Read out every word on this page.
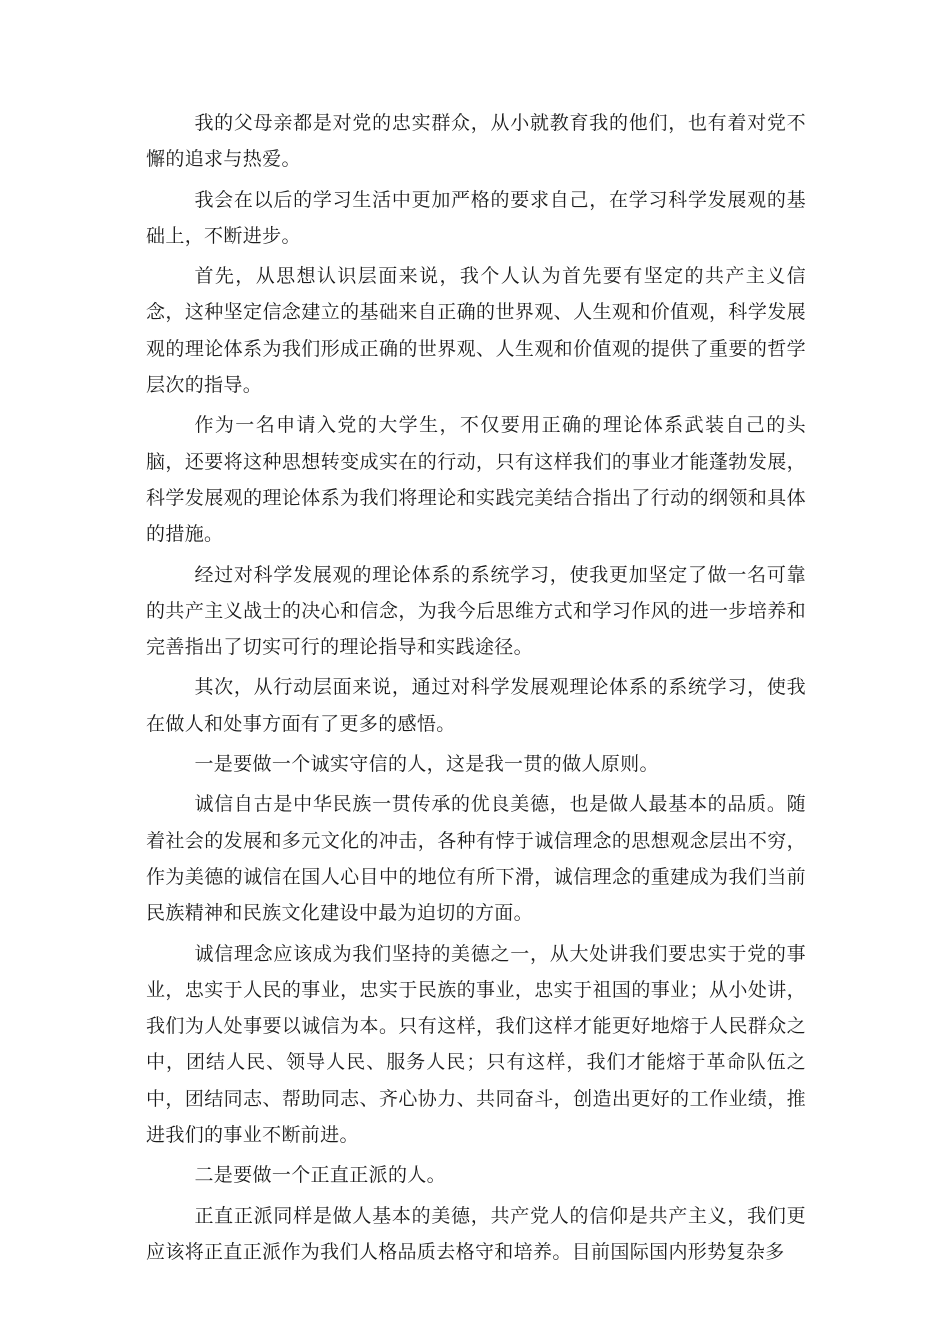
我的父母亲都是对党的忠实群众，从小就教育我的他们，也有着对党不懈的追求与热爱。

我会在以后的学习生活中更加严格的要求自己，在学习科学发展观的基础上，不断进步。

首先，从思想认识层面来说，我个人认为首先要有坚定的共产主义信念，这种坚定信念建立的基础来自正确的世界观、人生观和价值观，科学发展观的理论体系为我们形成正确的世界观、人生观和价值观的提供了重要的哲学层次的指导。

作为一名申请入党的大学生，不仅要用正确的理论体系武装自己的头脑，还要将这种思想转变成实在的行动，只有这样我们的事业才能蓬勃发展，科学发展观的理论体系为我们将理论和实践完美结合指出了行动的纲领和具体的措施。

经过对科学发展观的理论体系的系统学习，使我更加坚定了做一名可靠的共产主义战士的决心和信念，为我今后思维方式和学习作风的进一步培养和完善指出了切实可行的理论指导和实践途径。

其次，从行动层面来说，通过对科学发展观理论体系的系统学习，使我在做人和处事方面有了更多的感悟。

一是要做一个诚实守信的人，这是我一贯的做人原则。

诚信自古是中华民族一贯传承的优良美德，也是做人最基本的品质。随着社会的发展和多元文化的冲击，各种有悖于诚信理念的思想观念层出不穷，作为美德的诚信在国人心目中的地位有所下滑，诚信理念的重建成为我们当前民族精神和民族文化建设中最为迫切的方面。

诚信理念应该成为我们坚持的美德之一，从大处讲我们要忠实于党的事业，忠实于人民的事业，忠实于民族的事业，忠实于祖国的事业；从小处讲，我们为人处事要以诚信为本。只有这样，我们这样才能更好地熔于人民群众之中，团结人民、领导人民、服务人民；只有这样，我们才能熔于革命队伍之中，团结同志、帮助同志、齐心协力、共同奋斗，创造出更好的工作业绩，推进我们的事业不断前进。

二是要做一个正直正派的人。

正直正派同样是做人基本的美德，共产党人的信仰是共产主义，我们更应该将正直正派作为我们人格品质去格守和培养。目前国际国内形势复杂多
